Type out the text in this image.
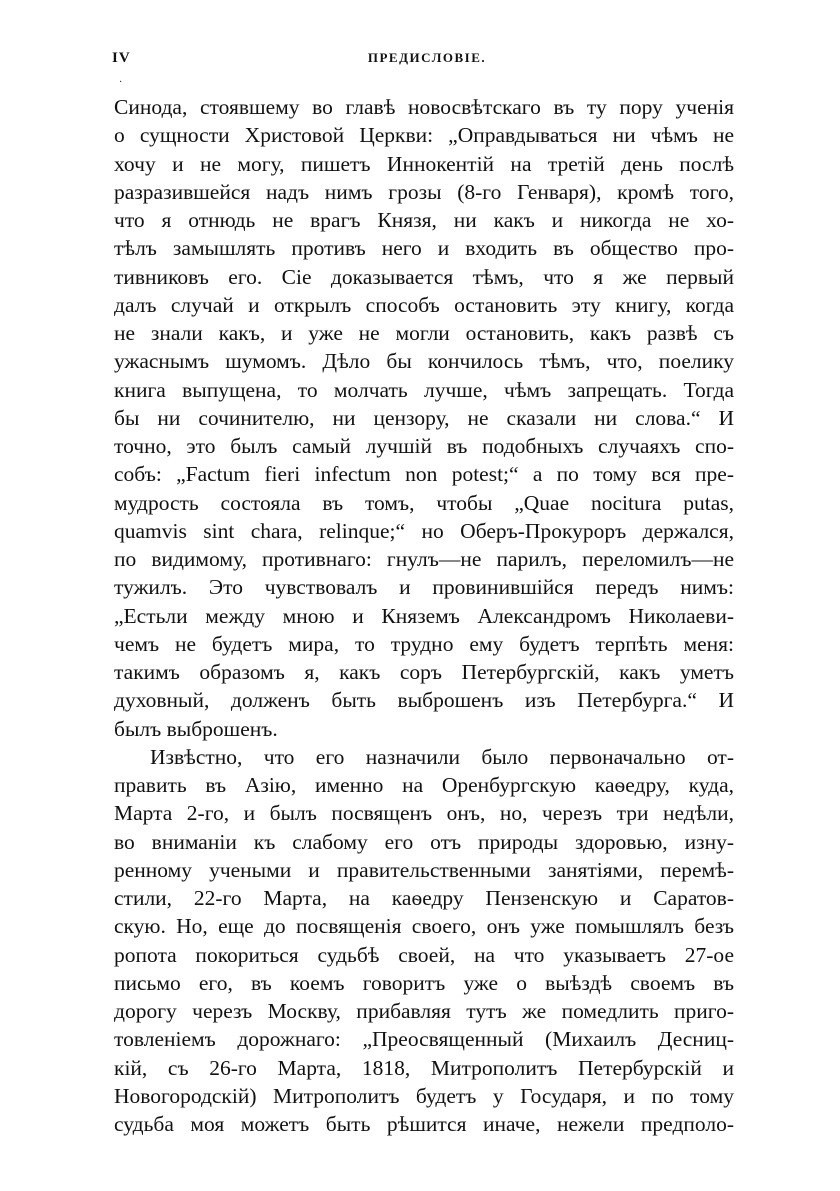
IV	ПРЕДИСЛОВІЕ.
·
Синода, стоявшему во главѣ новосвѣтскаго въ ту пору ученія
о сущности Христовой Церкви: „Оправдываться ни чѣмъ не
хочу и не могу, пишетъ Иннокентій на третій день послѣ
разразившейся надъ нимъ грозы (8-го Генваря), кромѣ того,
что я отнюдь не врагъ Князя, ни какъ и никогда не хо-
тѣлъ замышлять противъ него и входить въ общество про-
тивниковъ его. Сіе доказывается тѣмъ, что я же первый
далъ случай и открылъ способъ остановить эту книгу, когда
не знали какъ, и уже не могли остановить, какъ развѣ съ
ужаснымъ шумомъ. Дѣло бы кончилось тѣмъ, что, поелику
книга выпущена, то молчать лучше, чѣмъ запрещать. Тогда
бы ни сочинителю, ни цензору, не сказали ни слова.“ И
точно, это былъ самый лучшій въ подобныхъ случаяхъ спо-
собъ: „Factum fieri infectum non potest;“ а по тому вся пре-
мудрость состояла въ томъ, чтобы „Quae nocitura putas,
quamvis sint chara, relinque;“ но Оберъ-Прокуроръ держался,
по видимому, противнаго: гнулъ—не парилъ, переломилъ—не
тужилъ. Это чувствовалъ и провинившійся передъ нимъ:
„Естьли между мною и Княземъ Александромъ Николаеви-
чемъ не будетъ мира, то трудно ему будетъ терпѣть меня:
такимъ образомъ я, какъ соръ Петербургскій, какъ уметъ
духовный, долженъ быть выброшенъ изъ Петербурга.“ И
былъ выброшенъ.
Извѣстно, что его назначили было первоначально от-
править въ Азію, именно на Оренбургскую каѳедру, куда,
Марта 2-го, и былъ посвященъ онъ, но, черезъ три недѣли,
во вниманіи къ слабому его отъ природы здоровью, изну-
ренному учеными и правительственными занятіями, перемѣ-
стили, 22-го Марта, на каѳедру Пензенскую и Саратов-
скую. Но, еще до посвященія своего, онъ уже помышлялъ безъ
ропота покориться судьбѣ своей, на что указываетъ 27-ое
письмо его, въ коемъ говоритъ уже о выѣздѣ своемъ въ
дорогу черезъ Москву, прибавляя тутъ же помедлить приго-
товленіемъ дорожнаго: „Преосвященный (Михаилъ Десниц-
кій, съ 26-го Марта, 1818, Митрополитъ Петербурскій и
Новогородскій) Митрополитъ будетъ у Государя, и по тому
судьба моя можетъ быть рѣшится иначе, нежели предполо-
